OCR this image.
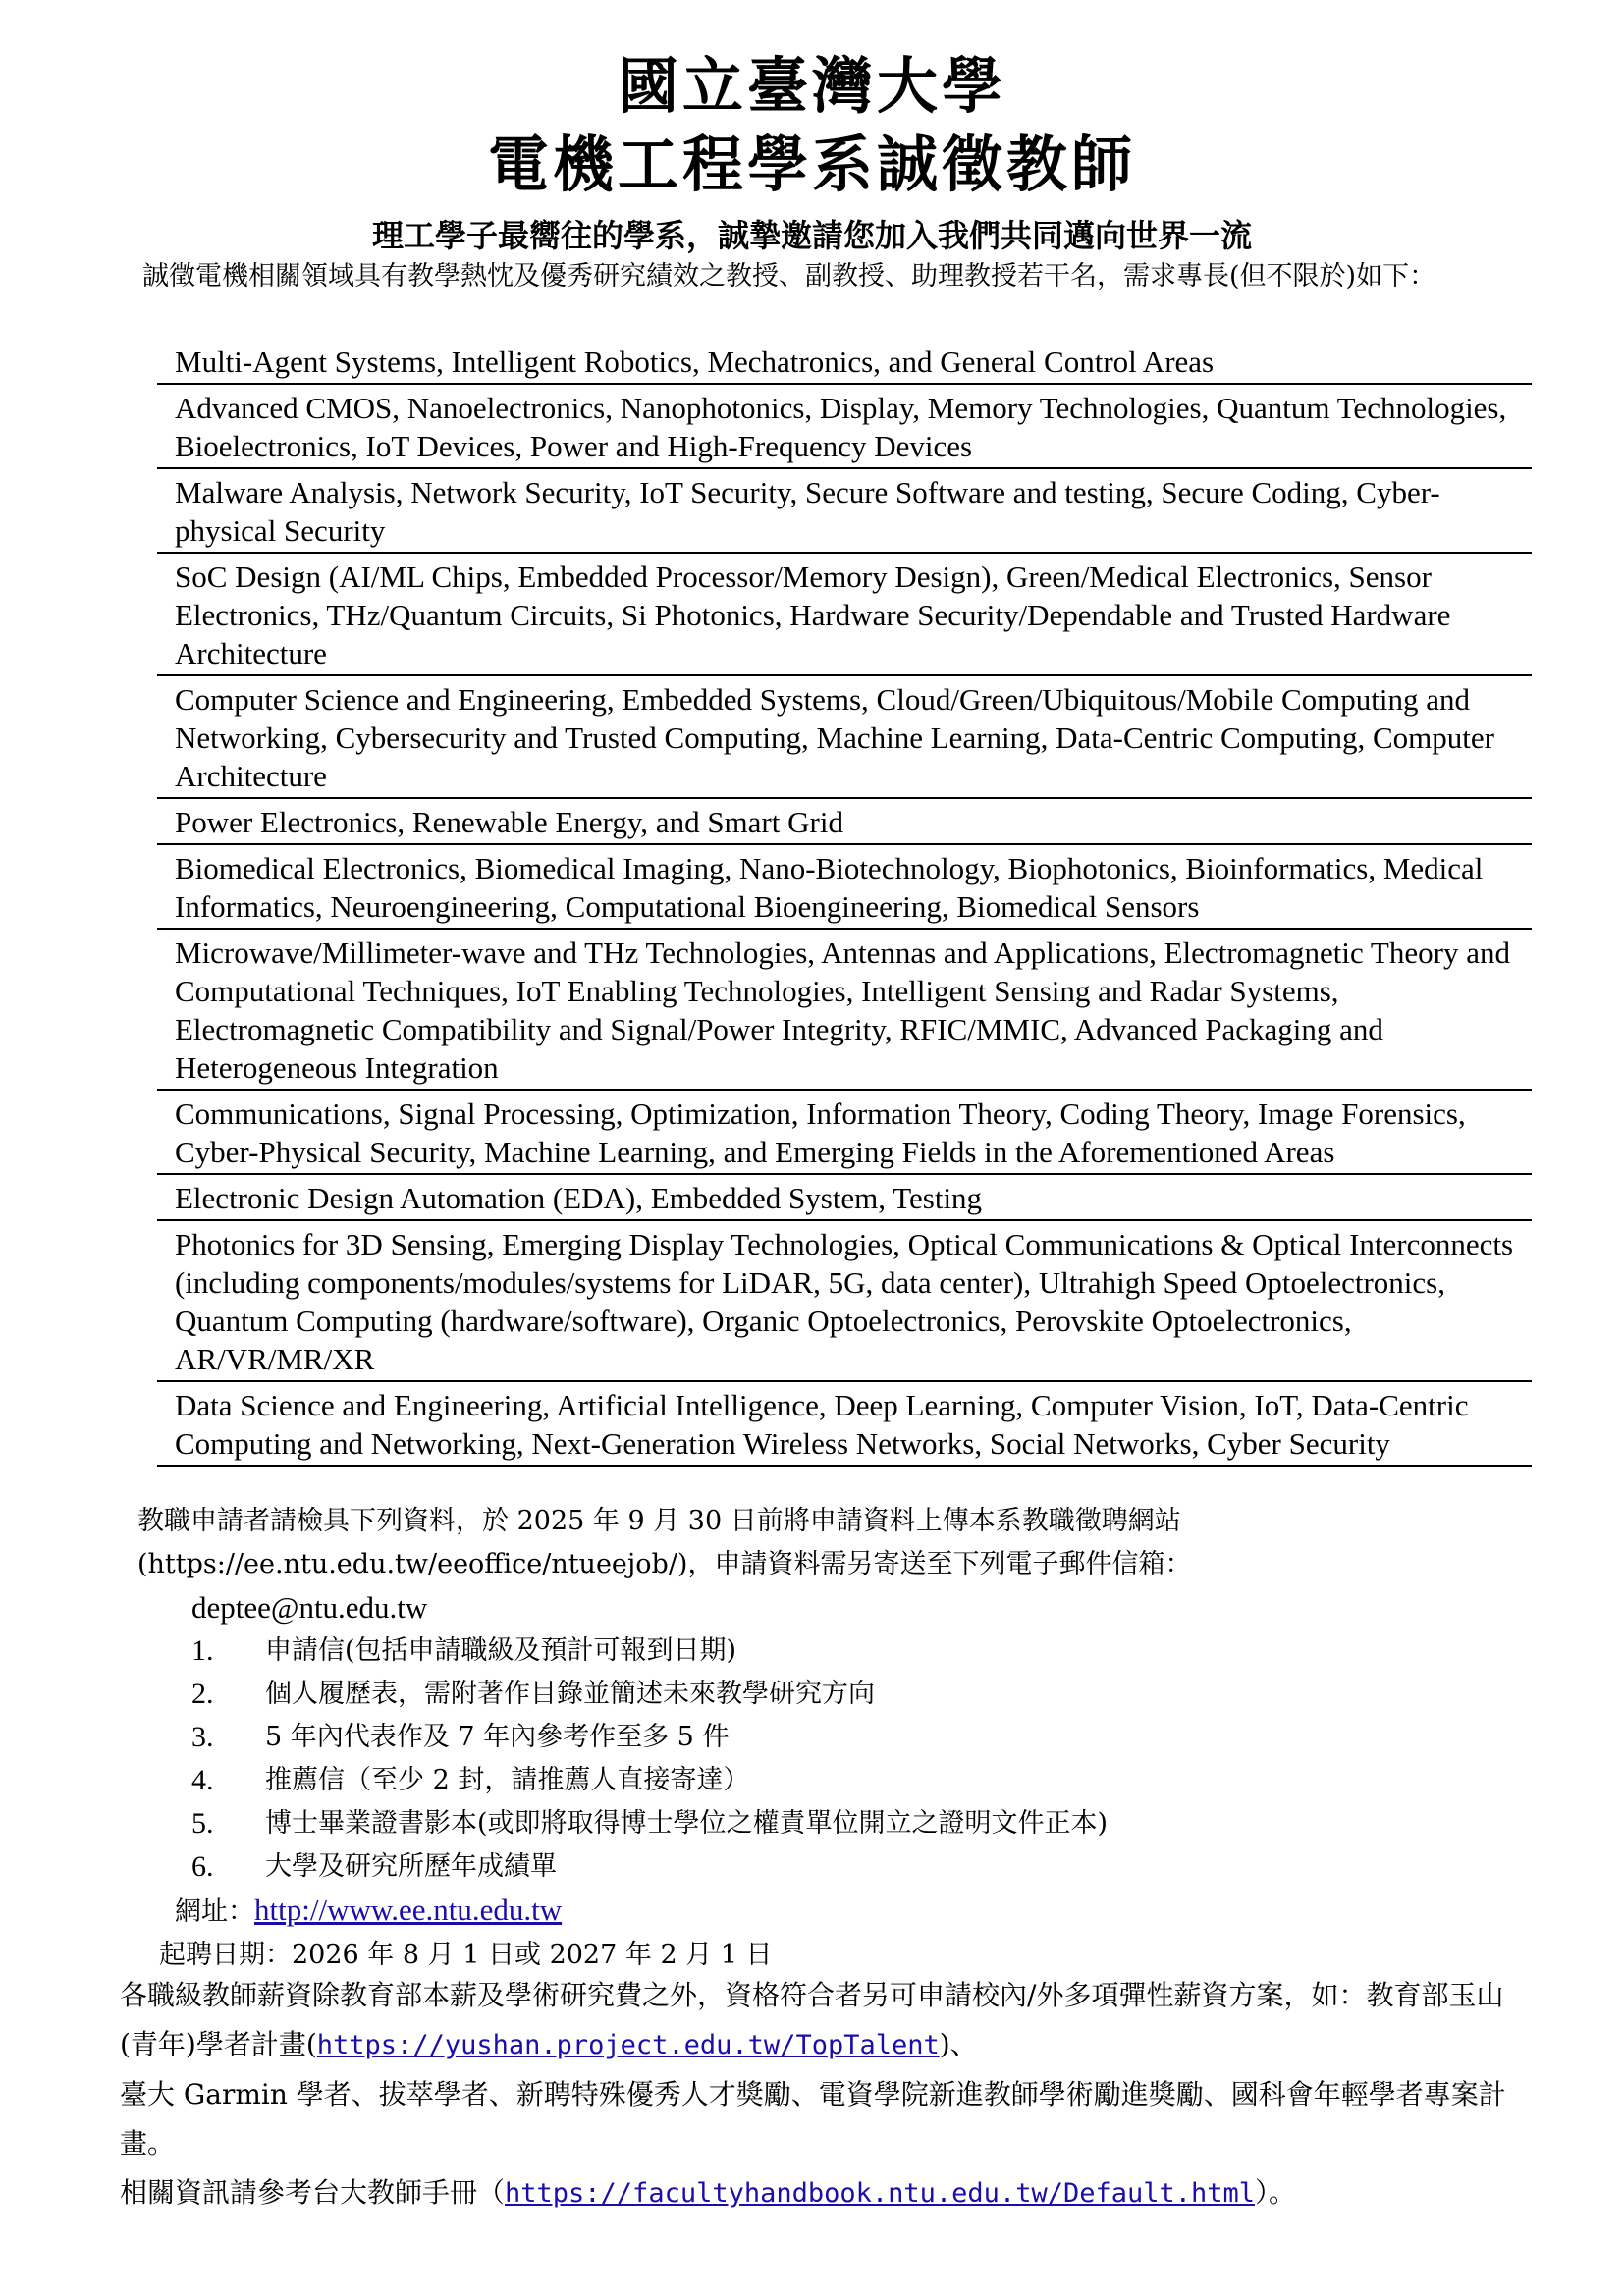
國立臺灣大學
電機工程學系誠徵教師
理工學子最嚮往的學系，誠摯邀請您加入我們共同邁向世界一流
誠徵電機相關領域具有教學熱忱及優秀研究績效之教授、副教授、助理教授若干名，需求專長(但不限於)如下：
Multi-Agent Systems, Intelligent Robotics, Mechatronics, and General Control Areas
Advanced CMOS, Nanoelectronics, Nanophotonics, Display, Memory Technologies, Quantum Technologies, Bioelectronics, IoT Devices, Power and High-Frequency Devices
Malware Analysis, Network Security, IoT Security, Secure Software and testing, Secure Coding, Cyber-physical Security
SoC Design (AI/ML Chips, Embedded Processor/Memory Design), Green/Medical Electronics, Sensor Electronics, THz/Quantum Circuits, Si Photonics, Hardware Security/Dependable and Trusted Hardware Architecture
Computer Science and Engineering, Embedded Systems, Cloud/Green/Ubiquitous/Mobile Computing and Networking, Cybersecurity and Trusted Computing, Machine Learning, Data-Centric Computing, Computer Architecture
Power Electronics, Renewable Energy, and Smart Grid
Biomedical Electronics, Biomedical Imaging, Nano-Biotechnology, Biophotonics, Bioinformatics, Medical Informatics, Neuroengineering, Computational Bioengineering, Biomedical Sensors
Microwave/Millimeter-wave and THz Technologies, Antennas and Applications, Electromagnetic Theory and Computational Techniques, IoT Enabling Technologies, Intelligent Sensing and Radar Systems, Electromagnetic Compatibility and Signal/Power Integrity, RFIC/MMIC, Advanced Packaging and Heterogeneous Integration
Communications, Signal Processing, Optimization, Information Theory, Coding Theory, Image Forensics, Cyber-Physical Security, Machine Learning, and Emerging Fields in the Aforementioned Areas
Electronic Design Automation (EDA), Embedded System, Testing
Photonics for 3D Sensing, Emerging Display Technologies, Optical Communications & Optical Interconnects (including components/modules/systems for LiDAR, 5G, data center), Ultrahigh Speed Optoelectronics, Quantum Computing (hardware/software), Organic Optoelectronics, Perovskite Optoelectronics, AR/VR/MR/XR
Data Science and Engineering, Artificial Intelligence, Deep Learning, Computer Vision, IoT, Data-Centric Computing and Networking, Next-Generation Wireless Networks, Social Networks, Cyber Security
教職申請者請檢具下列資料，於 2025 年 9 月 30 日前將申請資料上傳本系教職徵聘網站(https://ee.ntu.edu.tw/eeoffice/ntueejob/)，申請資料需另寄送至下列電子郵件信箱：
deptee@ntu.edu.tw
1.	申請信(包括申請職級及預計可報到日期)
2.	個人履歷表，需附著作目錄並簡述未來教學研究方向
3.	5 年內代表作及 7 年內參考作至多 5 件
4.	推薦信（至少 2 封，請推薦人直接寄達）
5.	博士畢業證書影本(或即將取得博士學位之權責單位開立之證明文件正本)
6.	大學及研究所歷年成績單
網址：http://www.ee.ntu.edu.tw
起聘日期：2026 年 8 月 1 日或 2027 年 2 月 1 日
各職級教師薪資除教育部本薪及學術研究費之外，資格符合者另可申請校內/外多項彈性薪資方案，如：教育部玉山(青年)學者計畫(https://yushan.project.edu.tw/TopTalent)、
臺大 Garmin 學者、拔萃學者、新聘特殊優秀人才獎勵、電資學院新進教師學術勵進獎勵、國科會年輕學者專案計畫。
相關資訊請參考台大教師手冊（https://facultyhandbook.ntu.edu.tw/Default.html）。
